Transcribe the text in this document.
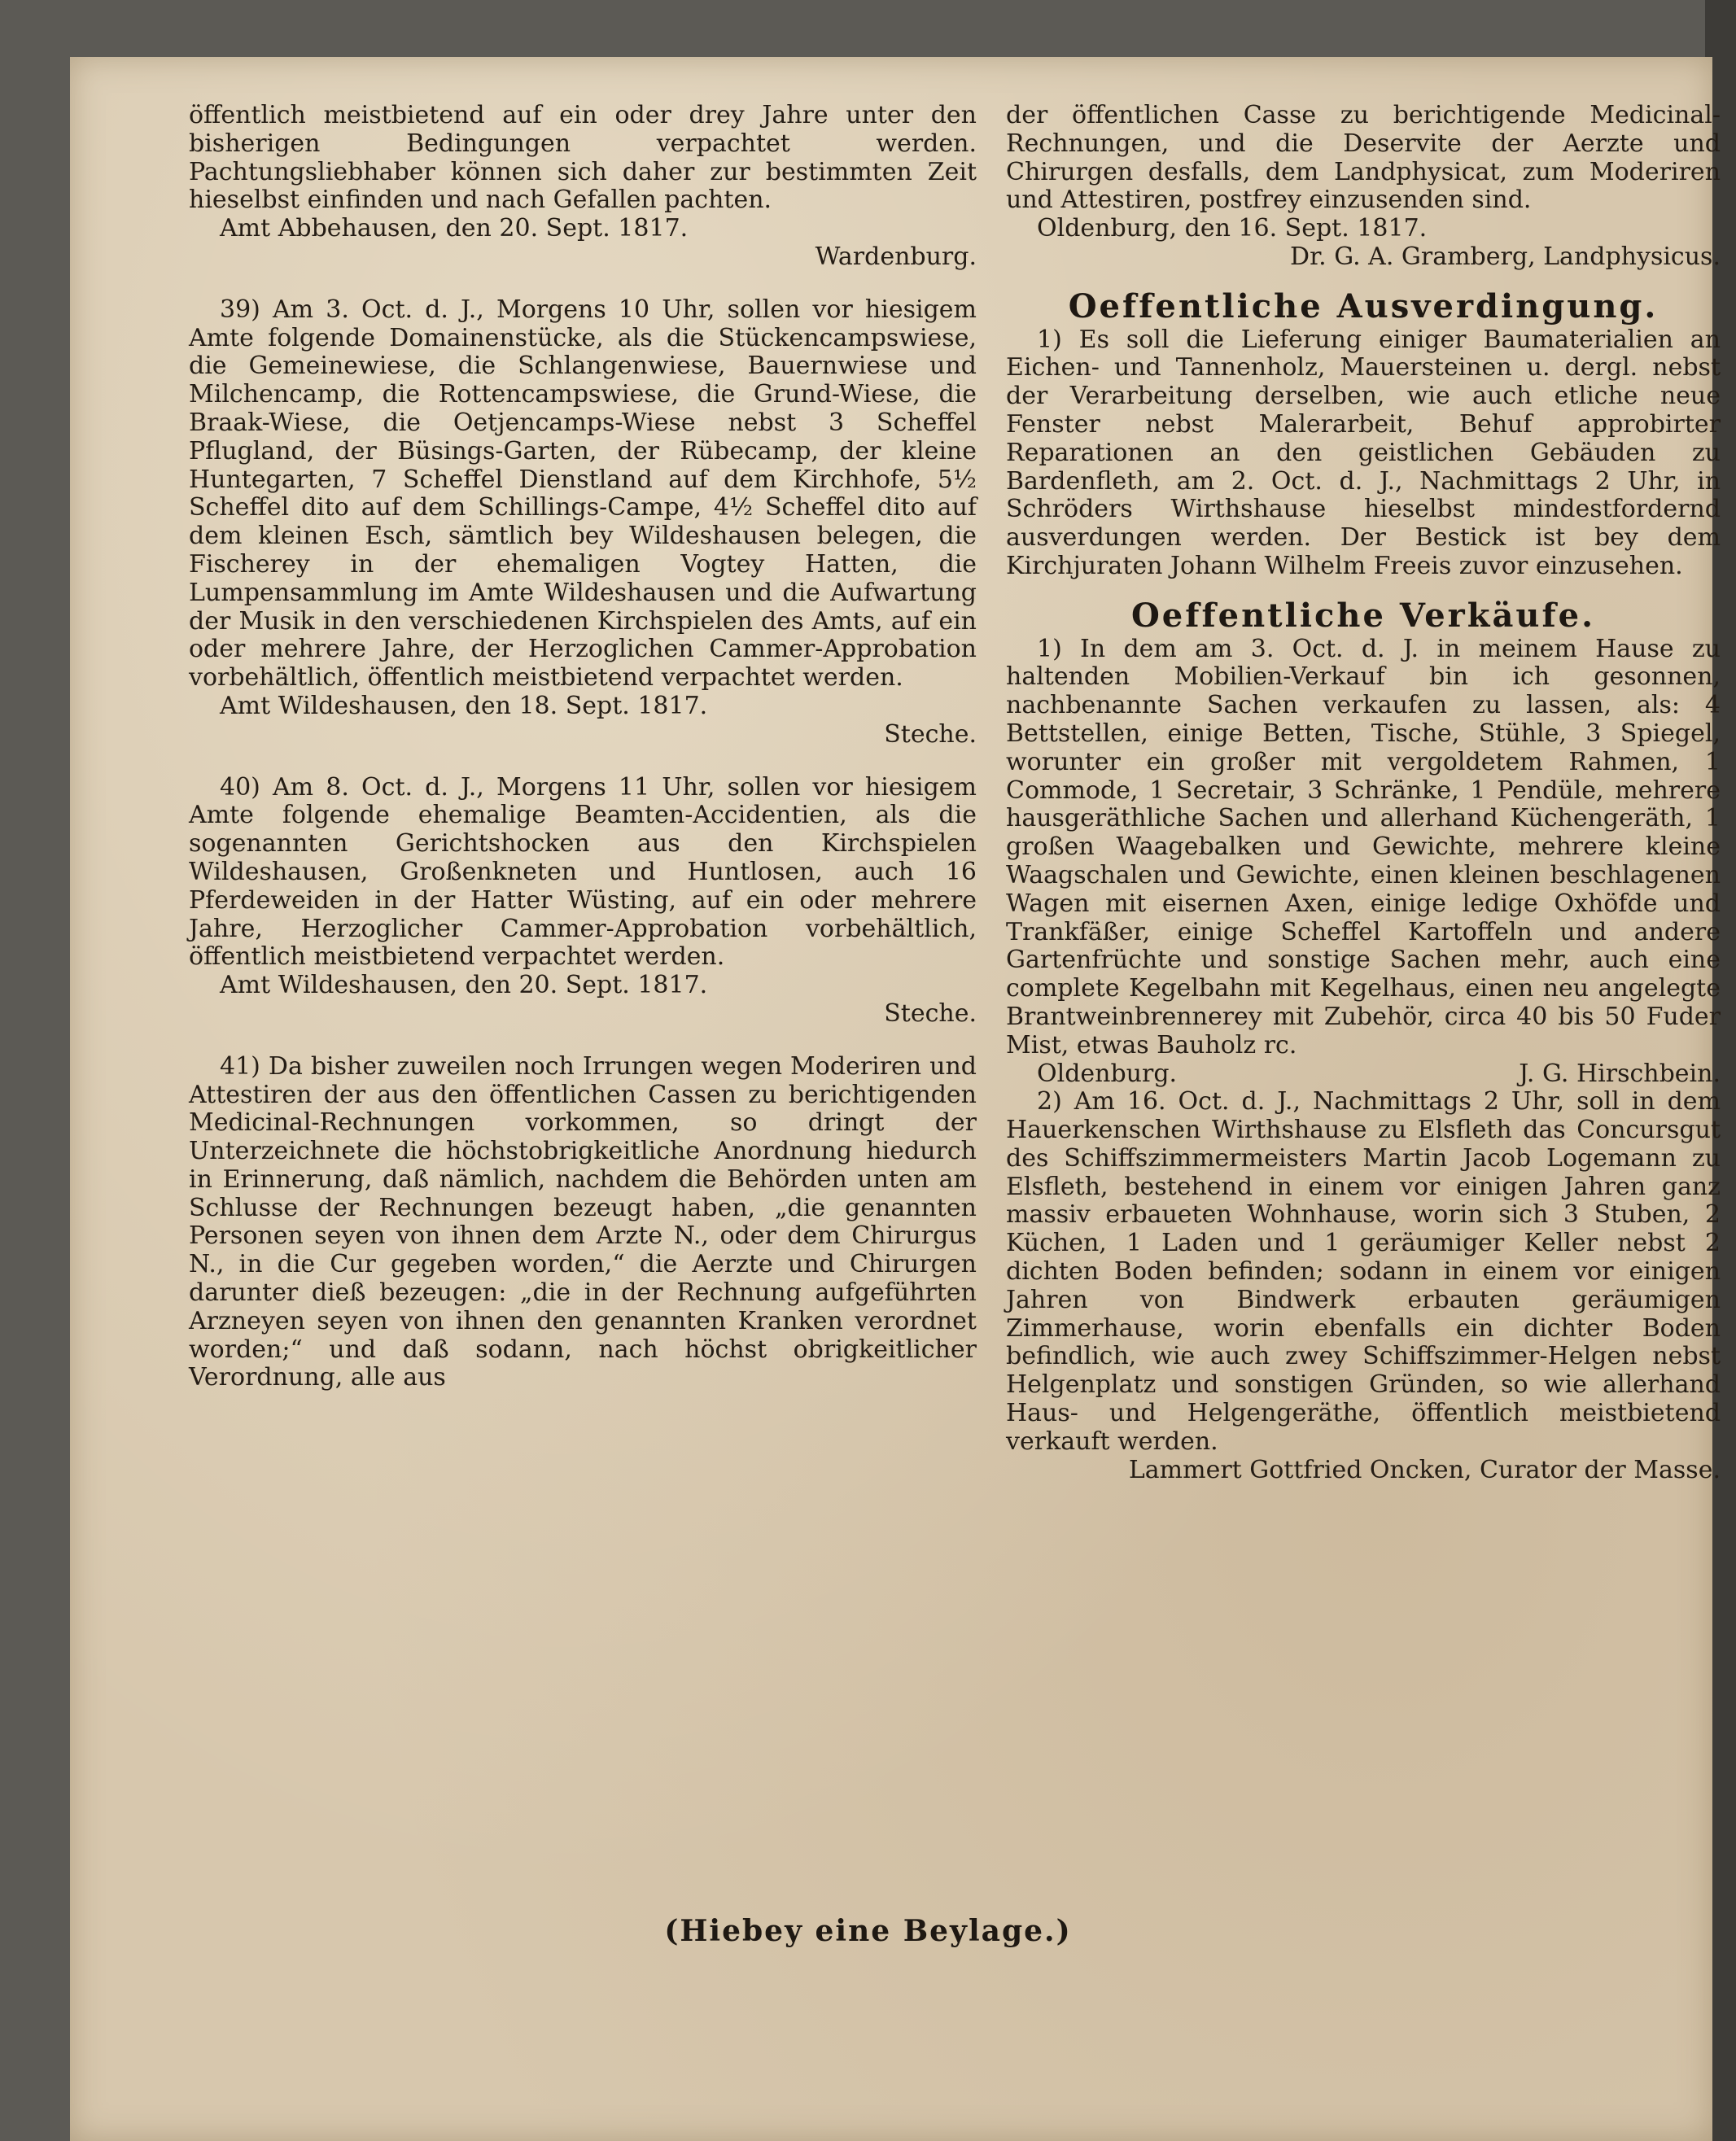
öffentlich meistbietend auf ein oder drey Jahre unter den bisherigen Bedingungen verpachtet werden. Pachtungsliebhaber können sich daher zur bestimmten Zeit hieselbst einfinden und nach Gefallen pachten.

Amt Abbehausen, den 20. Sept. 1817.

Wardenburg.

39) Am 3. Oct. d. J., Morgens 10 Uhr, sollen vor hiesigem Amte folgende Domainenstücke, als die Stückencampswiese, die Gemeinewiese, die Schlangenwiese, Bauernwiese und Milchencamp, die Rottencampswiese, die Grund-Wiese, die Braak-Wiese, die Oetjencamps-Wiese nebst 3 Scheffel Pflugland, der Büsings-Garten, der Rübecamp, der kleine Huntegarten, 7 Scheffel Dienstland auf dem Kirchhofe, 5½ Scheffel dito auf dem Schillings-Campe, 4½ Scheffel dito auf dem kleinen Esch, sämtlich bey Wildeshausen belegen, die Fischerey in der ehemaligen Vogtey Hatten, die Lumpensammlung im Amte Wildeshausen und die Aufwartung der Musik in den verschiedenen Kirchspielen des Amts, auf ein oder mehrere Jahre, der Herzoglichen Cammer-Approbation vorbehältlich, öffentlich meistbietend verpachtet werden.

Amt Wildeshausen, den 18. Sept. 1817.

Steche.

40) Am 8. Oct. d. J., Morgens 11 Uhr, sollen vor hiesigem Amte folgende ehemalige Beamten-Accidentien, als die sogenannten Gerichtshocken aus den Kirchspielen Wildeshausen, Großenkneten und Huntlosen, auch 16 Pferdeweiden in der Hatter Wüsting, auf ein oder mehrere Jahre, Herzoglicher Cammer-Approbation vorbehältlich, öffentlich meistbietend verpachtet werden.

Amt Wildeshausen, den 20. Sept. 1817.

Steche.

41) Da bisher zuweilen noch Irrungen wegen Moderiren und Attestiren der aus den öffentlichen Cassen zu berichtigenden Medicinal-Rechnungen vorkommen, so dringt der Unterzeichnete die höchstobrigkeitliche Anordnung hiedurch in Erinnerung, daß nämlich, nachdem die Behörden unten am Schlusse der Rechnungen bezeugt haben, „die genannten Personen seyen von ihnen dem Arzte N., oder dem Chirurgus N., in die Cur gegeben worden,“ die Aerzte und Chirurgen darunter dieß bezeugen: „die in der Rechnung aufgeführten Arzneyen seyen von ihnen den genannten Kranken verordnet worden;“ und daß sodann, nach höchst obrigkeitlicher Verordnung, alle aus

der öffentlichen Casse zu berichtigende Medicinal-Rechnungen, und die Deservite der Aerzte und Chirurgen desfalls, dem Landphysicat, zum Moderiren und Attestiren, postfrey einzusenden sind.

Oldenburg, den 16. Sept. 1817.

Dr. G. A. Gramberg, Landphysicus.

Oeffentliche Ausverdingung.

1) Es soll die Lieferung einiger Baumaterialien an Eichen- und Tannenholz, Mauersteinen u. dergl. nebst der Verarbeitung derselben, wie auch etliche neue Fenster nebst Malerarbeit, Behuf approbirter Reparationen an den geistlichen Gebäuden zu Bardenfleth, am 2. Oct. d. J., Nachmittags 2 Uhr, in Schröders Wirthshause hieselbst mindestfordernd ausverdungen werden. Der Bestick ist bey dem Kirchjuraten Johann Wilhelm Freeis zuvor einzusehen.

Oeffentliche Verkäufe.

1) In dem am 3. Oct. d. J. in meinem Hause zu haltenden Mobilien-Verkauf bin ich gesonnen, nachbenannte Sachen verkaufen zu lassen, als: 4 Bettstellen, einige Betten, Tische, Stühle, 3 Spiegel, worunter ein großer mit vergoldetem Rahmen, 1 Commode, 1 Secretair, 3 Schränke, 1 Pendüle, mehrere hausgeräthliche Sachen und allerhand Küchengeräth, 1 großen Waagebalken und Gewichte, mehrere kleine Waagschalen und Gewichte, einen kleinen beschlagenen Wagen mit eisernen Axen, einige ledige Oxhöfde und Trankfäßer, einige Scheffel Kartoffeln und andere Gartenfrüchte und sonstige Sachen mehr, auch eine complete Kegelbahn mit Kegelhaus, einen neu angelegte Brantweinbrennerey mit Zubehör, circa 40 bis 50 Fuder Mist, etwas Bauholz rc.

Oldenburg.	J. G. Hirschbein.

2) Am 16. Oct. d. J., Nachmittags 2 Uhr, soll in dem Hauerkenschen Wirthshause zu Elsfleth das Concursgut des Schiffszimmermeisters Martin Jacob Logemann zu Elsfleth, bestehend in einem vor einigen Jahren ganz massiv erbaueten Wohnhause, worin sich 3 Stuben, 2 Küchen, 1 Laden und 1 geräumiger Keller nebst 2 dichten Boden befinden; sodann in einem vor einigen Jahren von Bindwerk erbauten geräumigen Zimmerhause, worin ebenfalls ein dichter Boden befindlich, wie auch zwey Schiffszimmer-Helgen nebst Helgenplatz und sonstigen Gründen, so wie allerhand Haus- und Helgengeräthe, öffentlich meistbietend verkauft werden.

Lammert Gottfried Oncken, Curator der Masse.

(Hiebey eine Beylage.)
